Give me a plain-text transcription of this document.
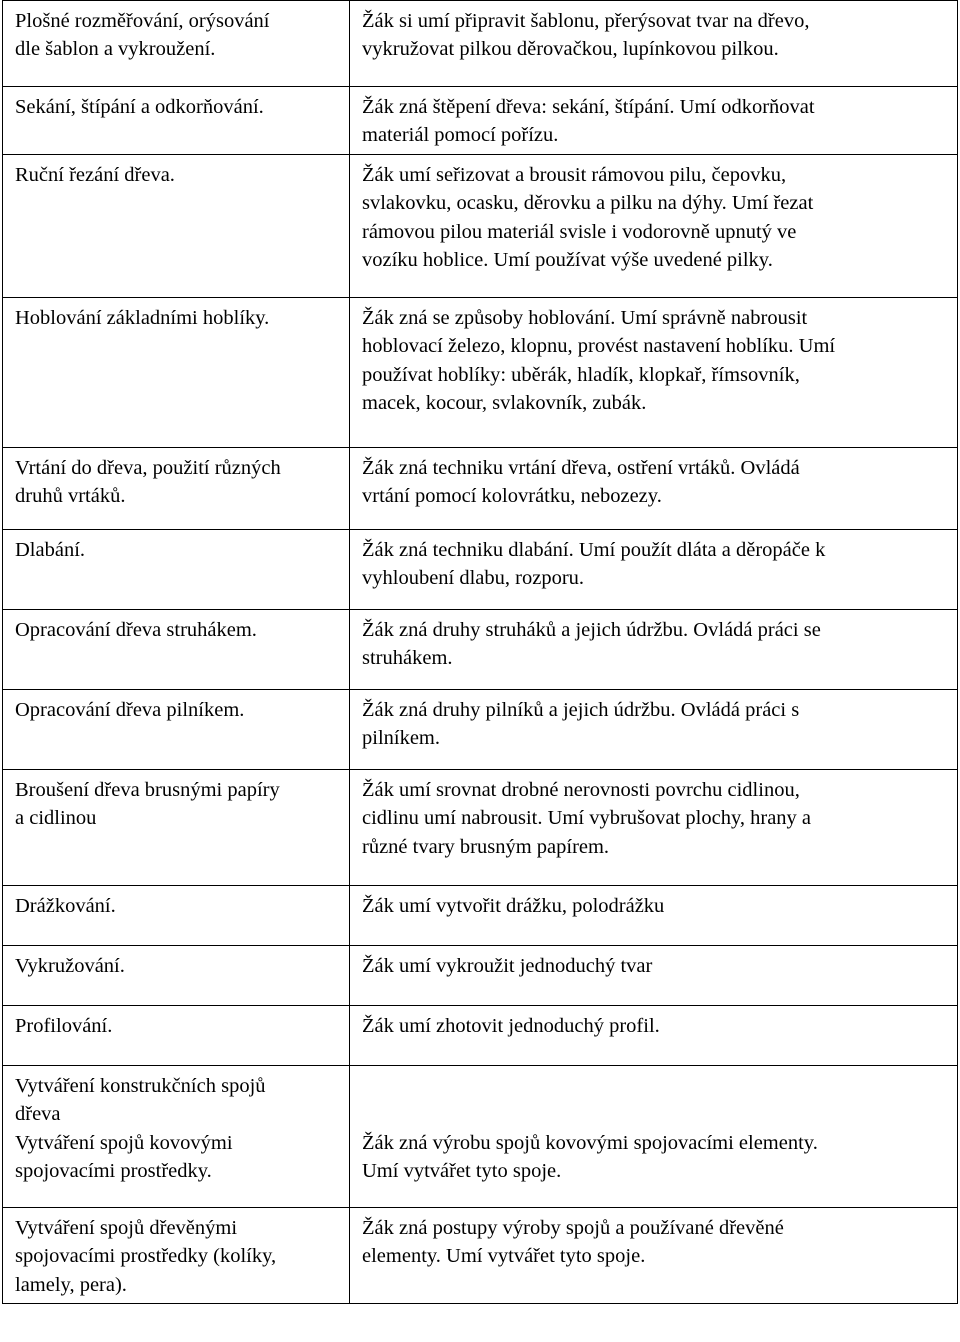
Plošné rozměřování, orýsování
dle šablon a vykroužení.	Žák si umí připravit šablonu, přerýsovat tvar na dřevo,
vykružovat pilkou děrovačkou, lupínkovou pilkou.

Sekání, štípání a odkorňování.	Žák zná štěpení dřeva: sekání, štípání. Umí odkorňovat
materiál pomocí pořízu.

Ruční řezání dřeva.	Žák umí seřizovat a brousit rámovou pilu, čepovku,
svlakovku, ocasku, děrovku a pilku na dýhy. Umí řezat
rámovou pilou materiál svisle i vodorovně upnutý ve
vozíku hoblice. Umí používat výše uvedené pilky.

Hoblování základními hoblíky.	Žák zná se způsoby hoblování. Umí správně nabrousit
hoblovací železo, klopnu, provést nastavení hoblíku. Umí
používat hoblíky: uběrák, hladík, klopkař, římsovník,
macek, kocour, svlakovník, zubák.

Vrtání do dřeva, použití různých
druhů vrtáků.	Žák zná techniku vrtání dřeva, ostření vrtáků. Ovládá
vrtání pomocí kolovrátku, nebozezy.

Dlabání.	Žák zná techniku dlabání. Umí použít dláta a děropáče k
vyhloubení dlabu, rozporu.

Opracování dřeva struhákem.	Žák zná druhy struháků a jejich údržbu. Ovládá práci se
struhákem.

Opracování dřeva pilníkem.	Žák zná druhy pilníků a jejich údržbu. Ovládá práci s
pilníkem.

Broušení dřeva brusnými papíry
a cidlinou	Žák umí srovnat drobné nerovnosti povrchu cidlinou,
cidlinu umí nabrousit. Umí vybrušovat plochy, hrany a
různé tvary brusným papírem.

Drážkování.	Žák umí vytvořit drážku, polodrážku

Vykružování.	Žák umí vykroužit jednoduchý tvar

Profilování.	Žák umí zhotovit jednoduchý profil.

Vytváření konstrukčních spojů
dřeva
Vytváření spojů kovovými
spojovacími prostředky.	Žák zná výrobu spojů kovovými spojovacími elementy.
Umí vytvářet tyto spoje.

Vytváření spojů dřevěnými
spojovacími prostředky (kolíky,
lamely, pera).	Žák zná postupy výroby spojů a používané dřevěné
elementy. Umí vytvářet tyto spoje.
